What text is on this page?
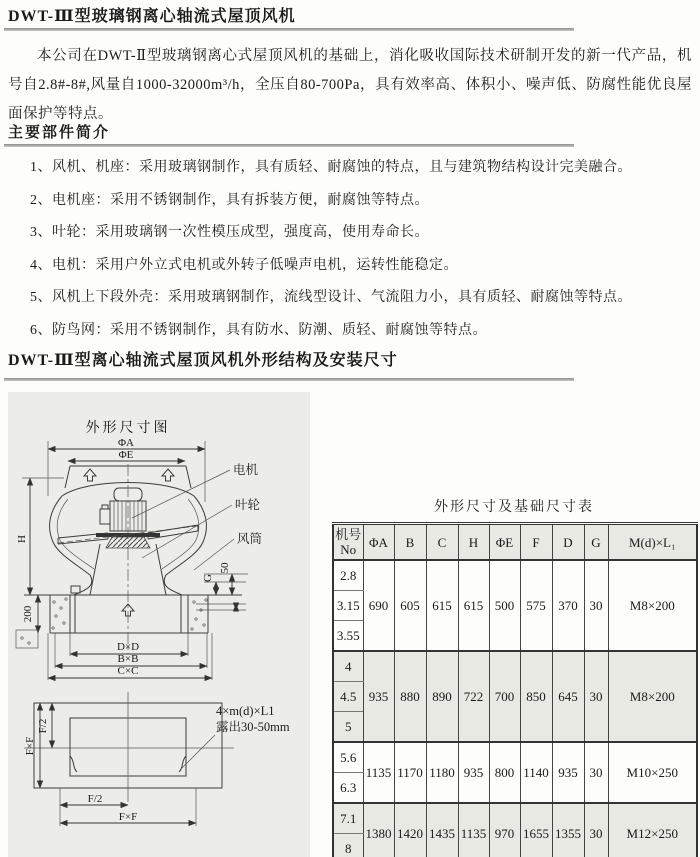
DWT-Ⅲ型玻璃钢离心轴流式屋顶风机
本公司在DWT-Ⅱ型玻璃钢离心式屋顶风机的基础上，消化吸收国际技术研制开发的新一代产品，机号自2.8#-8#,风量自1000-32000m³/h，全压自80-700Pa，具有效率高、体积小、噪声低、防腐性能优良屋面保护等特点。
主要部件简介
1、风机、机座：采用玻璃钢制作，具有质轻、耐腐蚀的特点，且与建筑物结构设计完美融合。
2、电机座：采用不锈钢制作，具有拆装方便，耐腐蚀等特点。
3、叶轮：采用玻璃钢一次性模压成型，强度高，使用寿命长。
4、电机：采用户外立式电机或外转子低噪声电机，运转性能稳定。
5、风机上下段外壳：采用玻璃钢制作，流线型设计、气流阻力小，具有质轻、耐腐蚀等特点。
6、防鸟网：采用不锈钢制作，具有防水、防潮、质轻、耐腐蚀等特点。
DWT-Ⅲ型离心轴流式屋顶风机外形结构及安装尺寸
外形尺寸图
ΦA
ΦE
电机
叶轮
风筒
H
200
G
50
D×D
B×B
C×C
F/2
F×F
4×m(d)×L1
露出30-50mm
F/2
F×F
外形尺寸及基础尺寸表
机号
No	ΦA	B	C	H	ΦE	F	D	G	M(d)×L₁
2.8	690	605	615	615	500	575	370	30	M8×200
3.15									
3.55									
4	935	880	890	722	700	850	645	30	M8×200
4.5									
5									
5.6	1135	1170	1180	935	800	1140	935	30	M10×250
6.3									
7.1	1380	1420	1435	1135	970	1655	1355	30	M12×250
8									
